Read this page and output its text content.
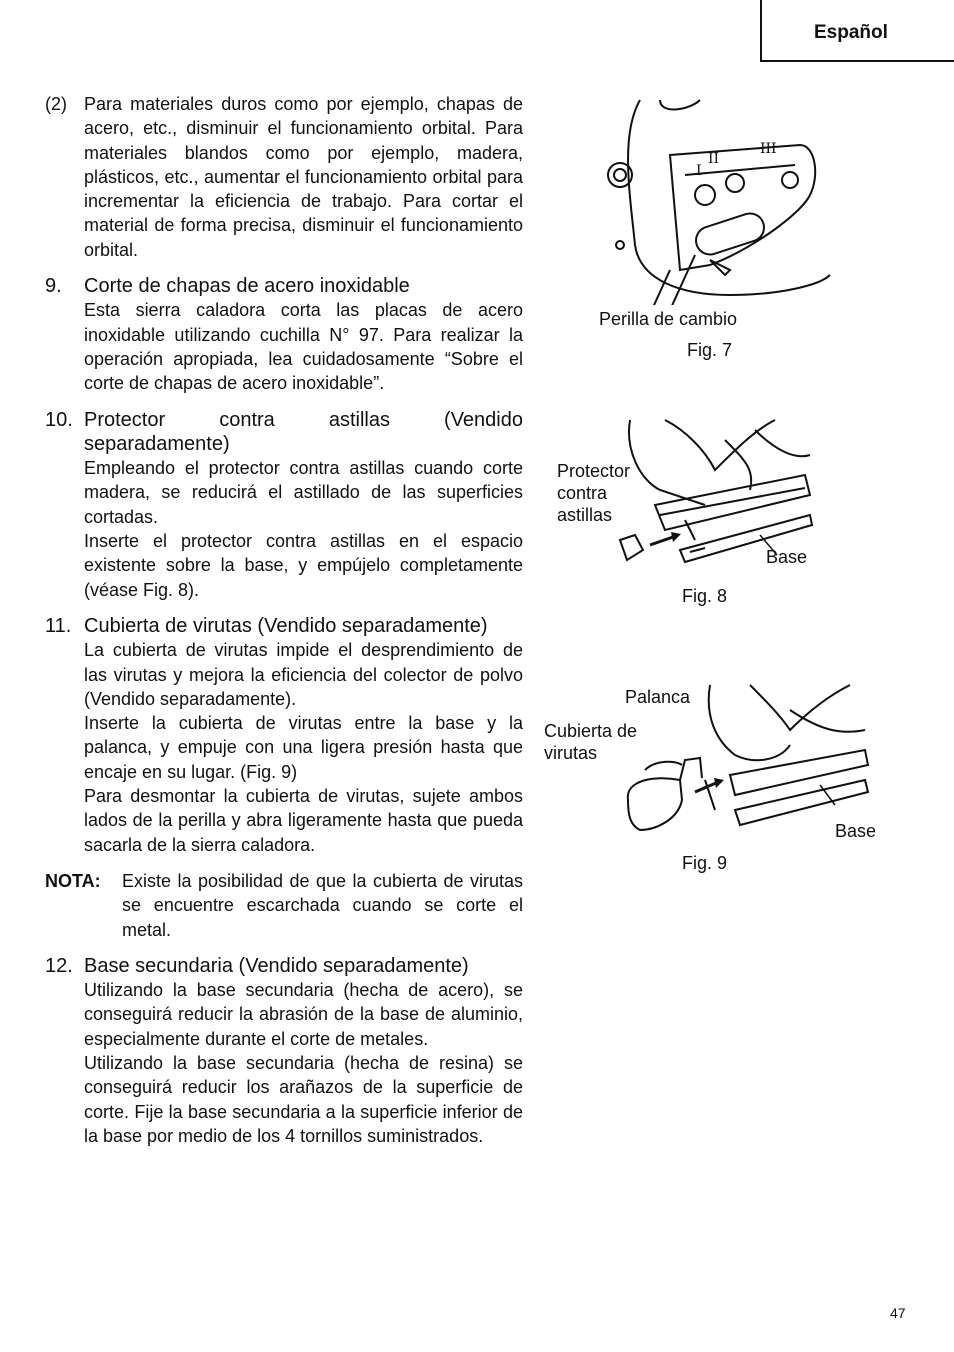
Español
(2) Para materiales duros como por ejemplo, chapas de acero, etc., disminuir el funcionamiento orbital. Para materiales blandos como por ejemplo, madera, plásticos, etc., aumentar el funcionamiento orbital para incrementar la eficiencia de trabajo. Para cortar el material de forma precisa, disminuir el funcionamiento orbital.

9.	Corte de chapas de acero inoxidable

Esta sierra caladora corta las placas de acero inoxidable utilizando cuchilla N° 97. Para realizar la operación apropiada, lea cuidadosamente “Sobre el corte de chapas de acero inoxidable”.

10. Protector contra astillas (Vendido separadamente)

Empleando el protector contra astillas cuando corte madera, se reducirá el astillado de las superficies cortadas.

Inserte el protector contra astillas en el espacio existente sobre la base, y empújelo completamente (véase Fig. 8).

11. Cubierta de virutas (Vendido separadamente)

La cubierta de virutas impide el desprendimiento de las virutas y mejora la eficiencia del colector de polvo (Vendido separadamente).

Inserte la cubierta de virutas entre la base y la palanca, y empuje con una ligera presión hasta que encaje en su lugar. (Fig. 9)

Para desmontar la cubierta de virutas, sujete ambos lados de la perilla y abra ligeramente hasta que pueda sacarla de la sierra caladora.

NOTA:	Existe la posibilidad de que la cubierta de virutas se encuentre escarchada cuando se corte el metal.

12. Base secundaria (Vendido separadamente)

Utilizando la base secundaria (hecha de acero), se conseguirá reducir la abrasión de la base de aluminio, especialmente durante el corte de metales.

Utilizando la base secundaria (hecha de resina) se conseguirá reducir los arañazos de la superficie de corte. Fije la base secundaria a la superficie inferior de la base por medio de los 4 tornillos suministrados.

II
I
III
Perilla de cambio
Fig. 7
Protector contra astillas
Base
Fig. 8
Palanca
Cubierta de virutas
Base
Fig. 9
47
